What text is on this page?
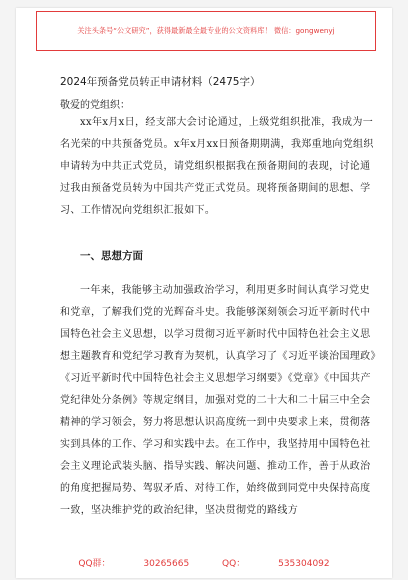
关注头条号“公文研究”，获得最新最全最专业的公文资料库！ 微信：gongwenyj
2024年预备党员转正申请材料（2475字）
敬爱的党组织：

xx年x月x日，经支部大会讨论通过，上级党组织批准，我成为一名光荣的中共预备党员。x年x月xx日预备期期满，我郑重地向党组织申请转为中共正式党员，请党组织根据我在预备期间的表现，讨论通过我由预备党员转为中国共产党正式党员。现将预备期间的思想、学习、工作情况向党组织汇报如下。

一、思想方面

一年来，我能够主动加强政治学习，利用更多时间认真学习党史和党章，了解我们党的光辉奋斗史。我能够深刻领会习近平新时代中国特色社会主义思想，以学习贯彻习近平新时代中国特色社会主义思想主题教育和党纪学习教育为契机，认真学习了《习近平谈治国理政》《习近平新时代中国特色社会主义思想学习纲要》《党章》《中国共产党纪律处分条例》等规定纲目，加强对党的二十大和二十届三中全会精神的学习领会，努力将思想认识高度统一到中央要求上来，贯彻落实到具体的工作、学习和实践中去。在工作中，我坚持用中国特色社会主义理论武装头脑、指导实践、解决问题、推动工作，善于从政治的角度把握局势、驾驭矛盾、对待工作，始终做到同党中央保持高度一致，坚决维护党的政治纪律，坚决贯彻党的路线方

QQ群： 30265665 QQ： 535304092
